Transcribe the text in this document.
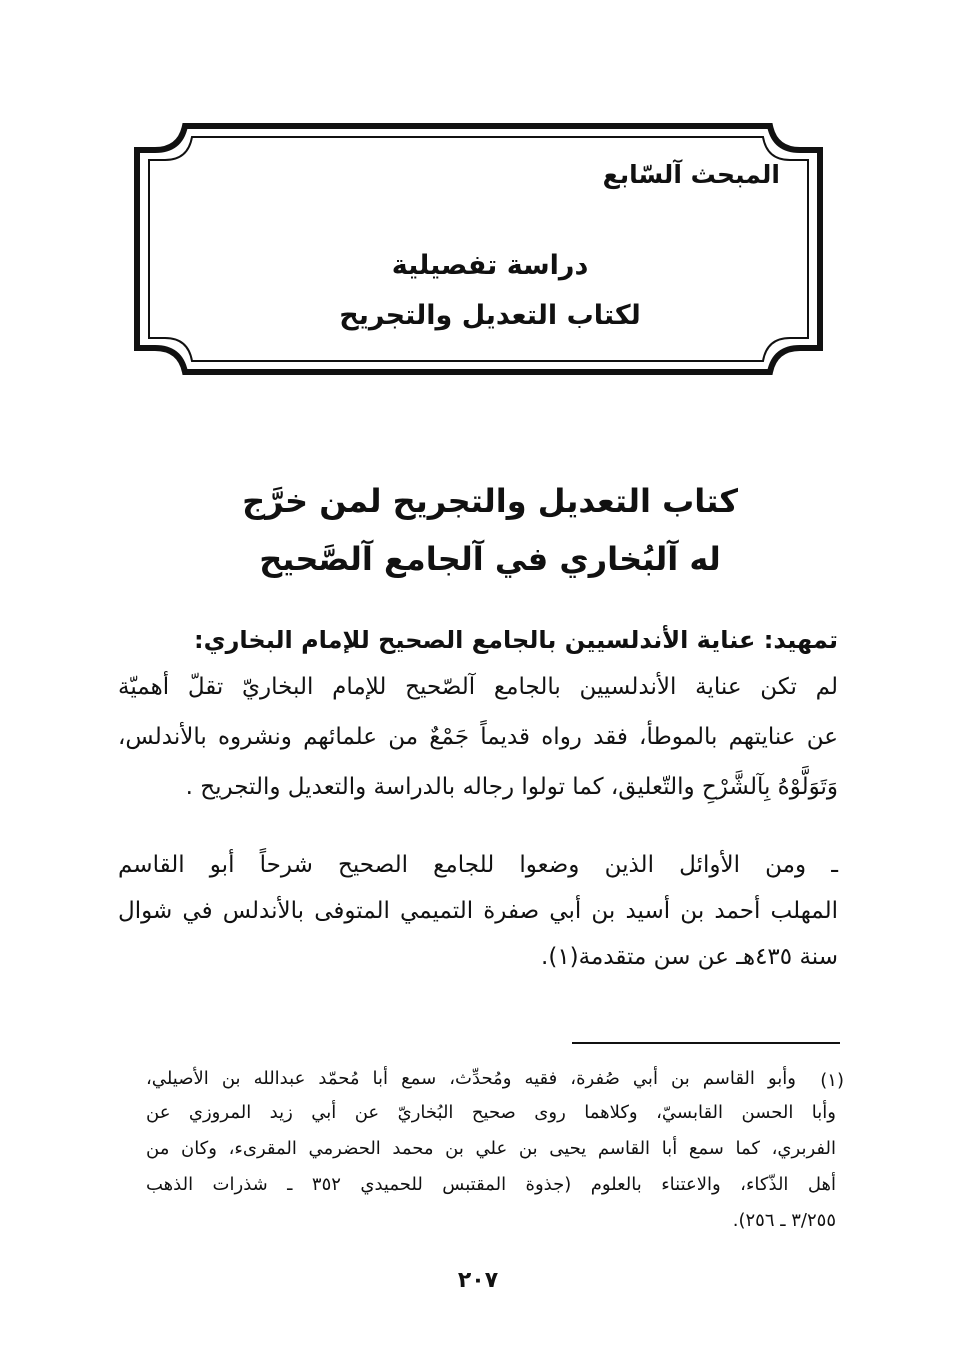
المبحث آلسّابع
دراسة تفصيلية
لكتاب التعديل والتجريح
كتاب التعديل والتجريح لمن خرَّج
له آلبُخاري في آلجامع آلصَّحيح
تمهيد: عناية الأندلسيين بالجامع الصحيح للإمام البخاري:
لم تكن عناية الأندلسيين بالجامع آلصّحيح للإمام البخاريّ تقلّ أهميّة
عن عنايتهم بالموطأ، فقد رواه قديماً جَمْعٌ من علمائهم ونشروه بالأندلس،
وَتَوَلَّوْهُ بِآلشَّرْحِ والتّعليق، كما تولوا رجاله بالدراسة والتعديل والتجريح .
ـ ومن الأوائل الذين وضعوا للجامع الصحيح شرحاً أبو القاسم
المهلب أحمد بن أسيد بن أبي صفرة التميمي المتوفى بالأندلس في شوال
سنة ٤٣٥هـ عن سن متقدمة(١).
(١)
وأبو القاسم بن أبي صُفرة، فقيه ومُحدِّث، سمع أبا مُحمّد عبدالله بن الأصيلي،
وأبا الحسن القابسيّ، وكلاهما روى صحيح البُخاريّ عن أبي زيد المروزي عن
الفربري، كما سمع أبا القاسم يحيى بن علي بن محمد الحضرمي المقرىء، وكان من
أهل الذّكاء، والاعتناء بالعلوم (جذوة المقتبس للحميدي ٣٥٢ ـ شذرات الذهب
٣/٢٥٥ ـ ٢٥٦).
٢٠٧
